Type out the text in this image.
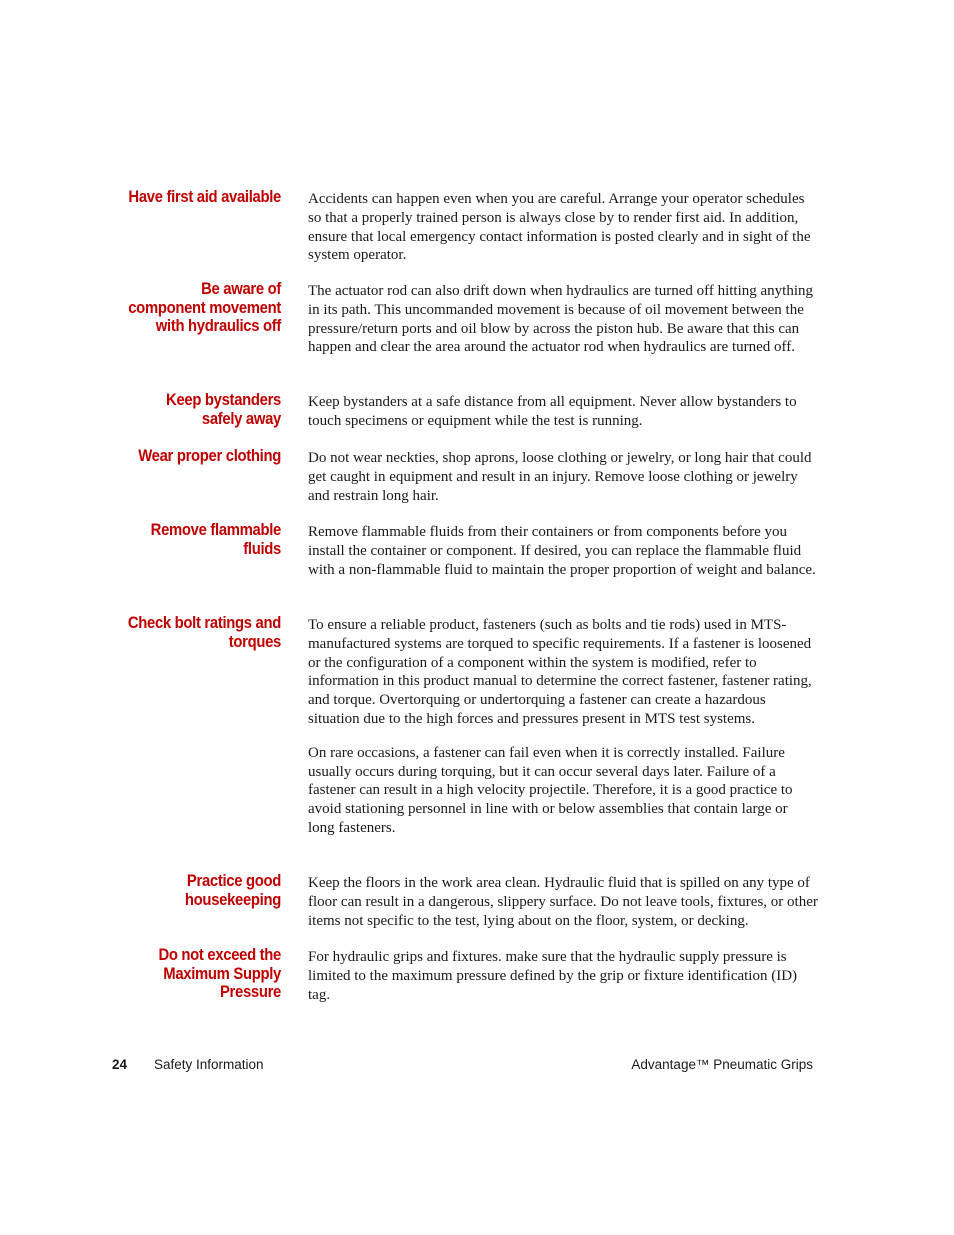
Have first aid available Accidents can happen even when you are careful. Arrange your operator schedules so that a properly trained person is always close by to render first aid. In addition, ensure that local emergency contact information is posted clearly and in sight of the system operator.

Be aware of
component movement
with hydraulics off

The actuator rod can also drift down when hydraulics are turned off hitting anything in its path. This uncommanded movement is because of oil movement between the pressure/return ports and oil blow by across the piston hub. Be aware that this can happen and clear the area around the actuator rod when hydraulics are turned off.

Keep bystanders
safely away

Keep bystanders at a safe distance from all equipment. Never allow bystanders to touch specimens or equipment while the test is running.

Wear proper clothing Do not wear neckties, shop aprons, loose clothing or jewelry, or long hair that could get caught in equipment and result in an injury. Remove loose clothing or jewelry and restrain long hair.

Remove flammable
fluids

Remove flammable fluids from their containers or from components before you install the container or component. If desired, you can replace the flammable fluid with a non-flammable fluid to maintain the proper proportion of weight and balance.

Check bolt ratings and
torques

To ensure a reliable product, fasteners (such as bolts and tie rods) used in MTS-manufactured systems are torqued to specific requirements. If a fastener is loosened or the configuration of a component within the system is modified, refer to information in this product manual to determine the correct fastener, fastener rating, and torque. Overtorquing or undertorquing a fastener can create a hazardous situation due to the high forces and pressures present in MTS test systems.

On rare occasions, a fastener can fail even when it is correctly installed. Failure usually occurs during torquing, but it can occur several days later. Failure of a fastener can result in a high velocity projectile. Therefore, it is a good practice to avoid stationing personnel in line with or below assemblies that contain large or long fasteners.

Practice good
housekeeping

Keep the floors in the work area clean. Hydraulic fluid that is spilled on any type of floor can result in a dangerous, slippery surface. Do not leave tools, fixtures, or other items not specific to the test, lying about on the floor, system, or decking.

Do not exceed the
Maximum Supply
Pressure

For hydraulic grips and fixtures. make sure that the hydraulic supply pressure is limited to the maximum pressure defined by the grip or fixture identification (ID) tag.

24 Safety Information	Advantage™ Pneumatic Grips
